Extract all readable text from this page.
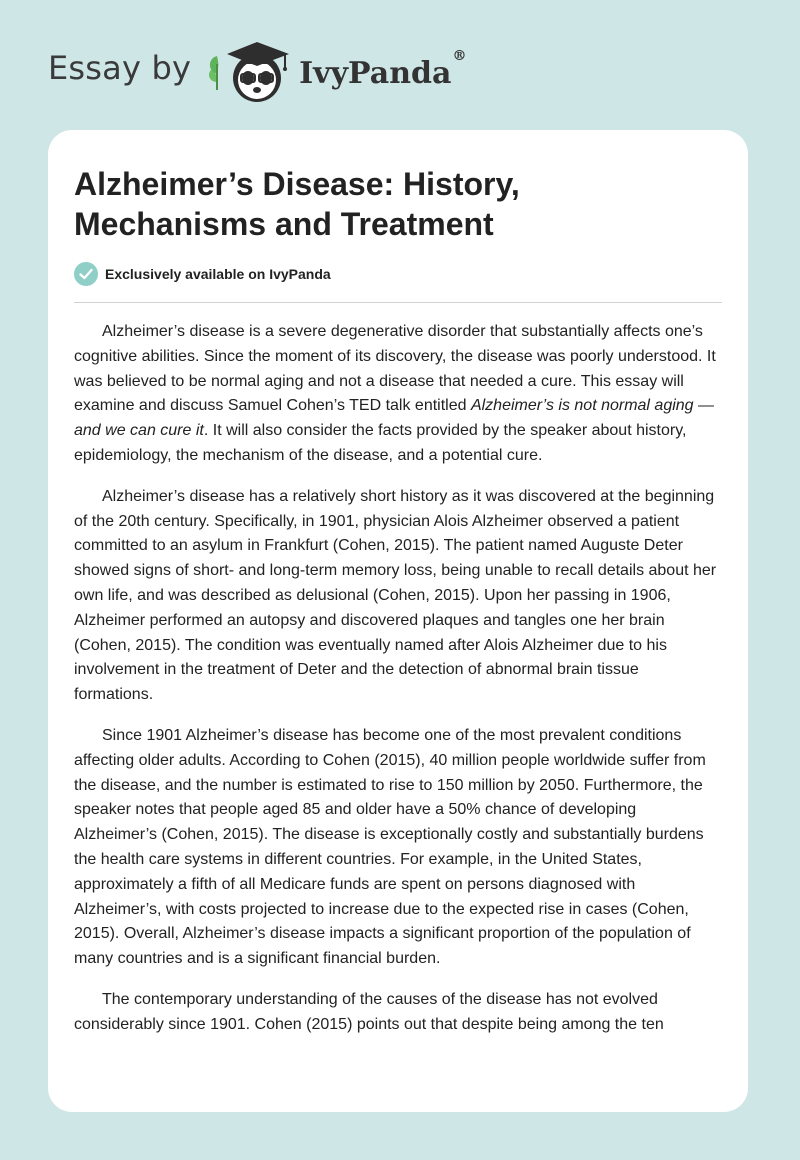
Essay by	IvyPanda®
Alzheimer’s Disease: History, Mechanisms and Treatment
Exclusively available on IvyPanda

Alzheimer’s disease is a severe degenerative disorder that substantially affects one’s cognitive abilities. Since the moment of its discovery, the disease was poorly understood. It was believed to be normal aging and not a disease that needed a cure. This essay will examine and discuss Samuel Cohen’s TED talk entitled Alzheimer’s is not normal aging — and we can cure it. It will also consider the facts provided by the speaker about history, epidemiology, the mechanism of the disease, and a potential cure.

Alzheimer’s disease has a relatively short history as it was discovered at the beginning of the 20th century. Specifically, in 1901, physician Alois Alzheimer observed a patient committed to an asylum in Frankfurt (Cohen, 2015). The patient named Auguste Deter showed signs of short- and long-term memory loss, being unable to recall details about her own life, and was described as delusional (Cohen, 2015). Upon her passing in 1906, Alzheimer performed an autopsy and discovered plaques and tangles one her brain (Cohen, 2015). The condition was eventually named after Alois Alzheimer due to his involvement in the treatment of Deter and the detection of abnormal brain tissue formations.

Since 1901 Alzheimer’s disease has become one of the most prevalent conditions affecting older adults. According to Cohen (2015), 40 million people worldwide suffer from the disease, and the number is estimated to rise to 150 million by 2050. Furthermore, the speaker notes that people aged 85 and older have a 50% chance of developing Alzheimer’s (Cohen, 2015). The disease is exceptionally costly and substantially burdens the health care systems in different countries. For example, in the United States, approximately a fifth of all Medicare funds are spent on persons diagnosed with Alzheimer’s, with costs projected to increase due to the expected rise in cases (Cohen, 2015). Overall, Alzheimer’s disease impacts a significant proportion of the population of many countries and is a significant financial burden.

The contemporary understanding of the causes of the disease has not evolved considerably since 1901. Cohen (2015) points out that despite being among the ten
